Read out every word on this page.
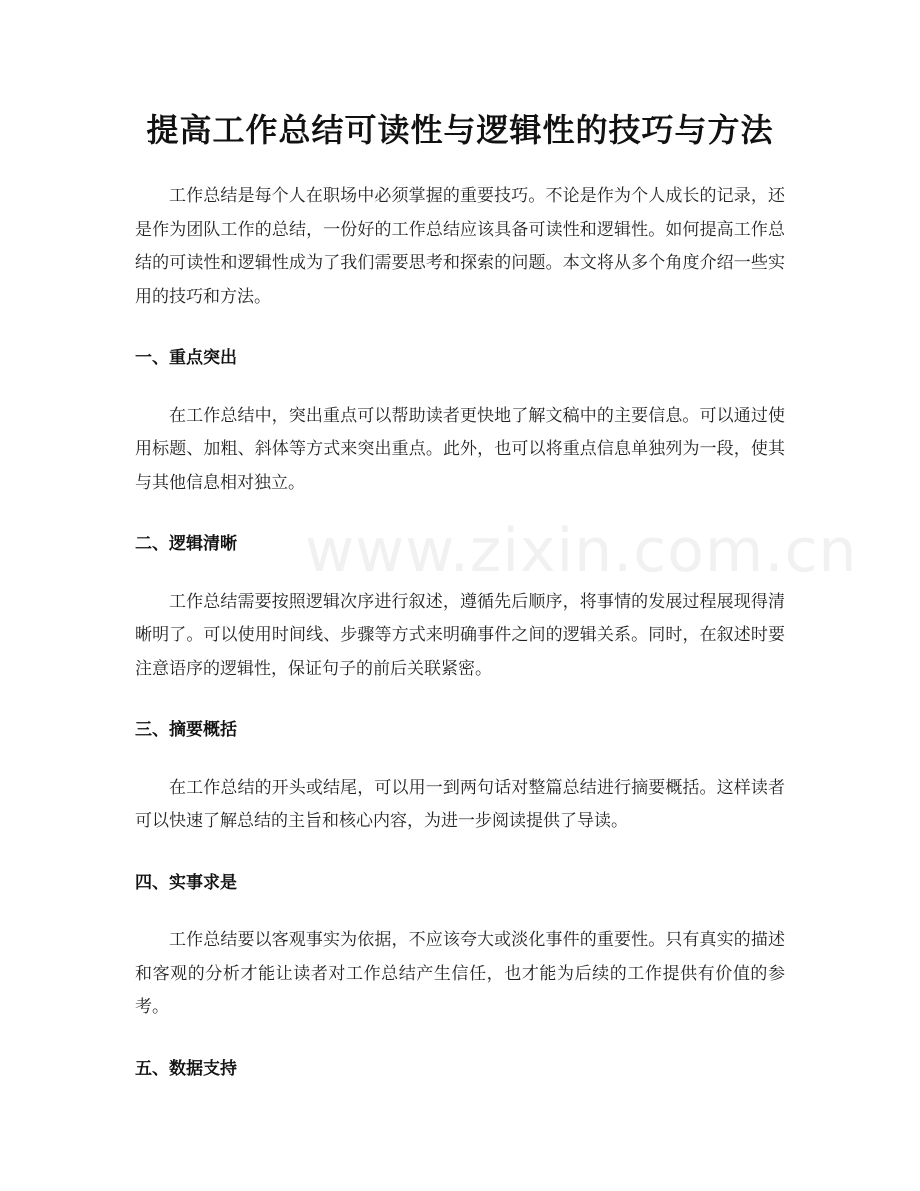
提高工作总结可读性与逻辑性的技巧与方法

工作总结是每个人在职场中必须掌握的重要技巧。不论是作为个人成长的记录，还是作为团队工作的总结，一份好的工作总结应该具备可读性和逻辑性。如何提高工作总结的可读性和逻辑性成为了我们需要思考和探索的问题。本文将从多个角度介绍一些实用的技巧和方法。

一、重点突出

在工作总结中，突出重点可以帮助读者更快地了解文稿中的主要信息。可以通过使用标题、加粗、斜体等方式来突出重点。此外，也可以将重点信息单独列为一段，使其与其他信息相对独立。

二、逻辑清晰

工作总结需要按照逻辑次序进行叙述，遵循先后顺序，将事情的发展过程展现得清晰明了。可以使用时间线、步骤等方式来明确事件之间的逻辑关系。同时，在叙述时要注意语序的逻辑性，保证句子的前后关联紧密。

三、摘要概括

在工作总结的开头或结尾，可以用一到两句话对整篇总结进行摘要概括。这样读者可以快速了解总结的主旨和核心内容，为进一步阅读提供了导读。

四、实事求是

工作总结要以客观事实为依据，不应该夸大或淡化事件的重要性。只有真实的描述和客观的分析才能让读者对工作总结产生信任，也才能为后续的工作提供有价值的参考。

五、数据支持
www.zixin.com.cn
